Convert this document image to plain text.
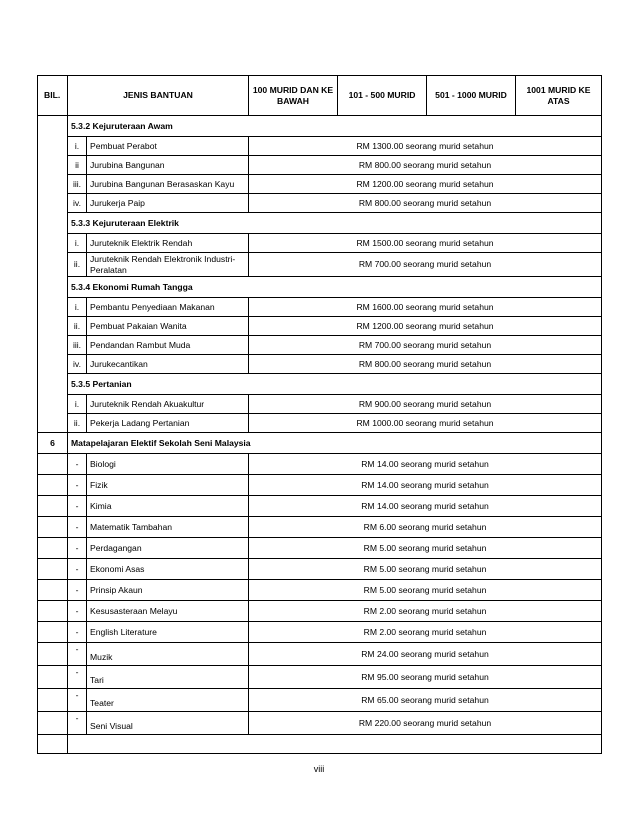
BIL.	JENIS BANTUAN		100 MURID DAN KE BAWAH	101 - 500 MURID	501 - 1000 MURID	1001 MURID KE ATAS
	5.3.2 Kejuruteraan Awam					
	i.	Pembuat Perabot	RM 1300.00 seorang murid setahun			
	ii	Jurubina Bangunan	RM 800.00 seorang murid setahun			
	iii.	Jurubina Bangunan Berasaskan Kayu	RM 1200.00 seorang murid setahun			
	iv.	Jurukerja Paip	RM 800.00 seorang murid setahun			
	5.3.3 Kejuruteraan Elektrik					
	i.	Juruteknik Elektrik Rendah	RM 1500.00 seorang murid setahun			
	ii.	Juruteknik Rendah Elektronik Industri-Peralatan	RM 700.00 seorang murid setahun			
	5.3.4 Ekonomi Rumah Tangga					
	i.	Pembantu Penyediaan Makanan	RM 1600.00 seorang murid setahun			
	ii.	Pembuat Pakaian Wanita	RM 1200.00 seorang murid setahun			
	iii.	Pendandan Rambut Muda	RM 700.00 seorang murid setahun			
	iv.	Jurukecantikan	RM 800.00 seorang murid setahun			
	5.3.5 Pertanian					
	i.	Juruteknik Rendah Akuakultur	RM 900.00 seorang murid setahun			
	ii.	Pekerja Ladang Pertanian	RM 1000.00 seorang murid setahun			
6	Matapelajaran Elektif Sekolah Seni Malaysia					
	-	Biologi	RM 14.00 seorang murid setahun			
	-	Fizik	RM 14.00 seorang murid setahun			
	-	Kimia	RM 14.00 seorang murid setahun			
	-	Matematik Tambahan	RM 6.00 seorang murid setahun			
	-	Perdagangan	RM 5.00 seorang murid setahun			
	-	Ekonomi Asas	RM 5.00 seorang murid setahun			
	-	Prinsip Akaun	RM 5.00 seorang murid setahun			
	-	Kesusasteraan Melayu	RM 2.00 seorang murid setahun			
	-	English Literature	RM 2.00 seorang murid setahun			
	-	Muzik	RM 24.00 seorang murid setahun			
	-	Tari	RM 95.00 seorang murid setahun			
	-	Teater	RM 65.00 seorang murid setahun			
	-	Seni Visual	RM 220.00 seorang murid setahun			

viii
